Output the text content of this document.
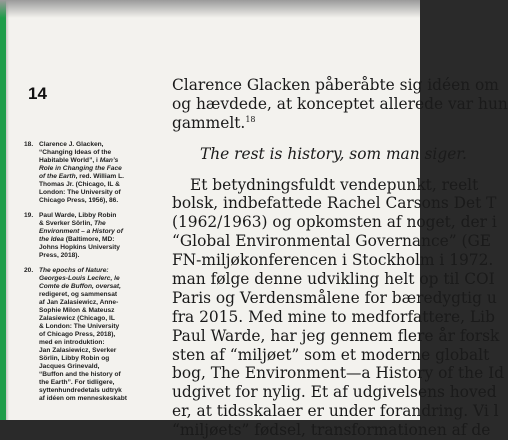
14
18. Clarence J. Glacken,
“Changing Ideas of the
Habitable World”, i Man’s
Role in Changing the Face
of the Earth, red. William L.
Thomas Jr. (Chicago, IL &
London: The University of
Chicago Press, 1956), 86.
19. Paul Warde, Libby Robin
& Sverker Sörlin, The
Environment – a History of
the Idea (Baltimore, MD:
Johns Hopkins University
Press, 2018).
20. The epochs of Nature:
Georges-Louis Leclerc, le
Comte de Buffon, oversat,
redigeret, og sammensat
af Jan Zalasiewicz, Anne-
Sophie Milon & Mateusz
Zalasiewicz (Chicago, IL
& London: The University
of Chicago Press, 2018),
med en introduktion:
Jan Zalasiewicz, Sverker
Sörlin, Libby Robin og
Jacques Grinevald,
“Buffon and the history of
the Earth”. For tidligere,
syttenhundredetals udtryk
af idéen om menneskeskabt
Clarence Glacken påberåbte sig idéen om
og hævdede, at konceptet allerede var hun
gammelt.$^{18}$
The rest is history, som man siger.
Et betydningsfuldt vendepunkt, reelt
bolsk, indbefattede Rachel Carsons Det T
(1962/1963) og opkomsten af noget, der i
“Global Environmental Governance” (GE
FN-miljøkonferencen i Stockholm i 1972.
man følge denne udvikling helt op til COI
Paris og Verdensmålene for bæredygtig u
fra 2015. Med mine to medforfattere, Lib
Paul Warde, har jeg gennem flere år forsk
sten af “miljøet” som et moderne globalt
bog, The Environment—a History of the Id
udgivet for nylig. Et af udgivelsens hoved
er, at tidsskalaer er under forandring. Vi l
“miljøets” fødsel, transformationen af de
